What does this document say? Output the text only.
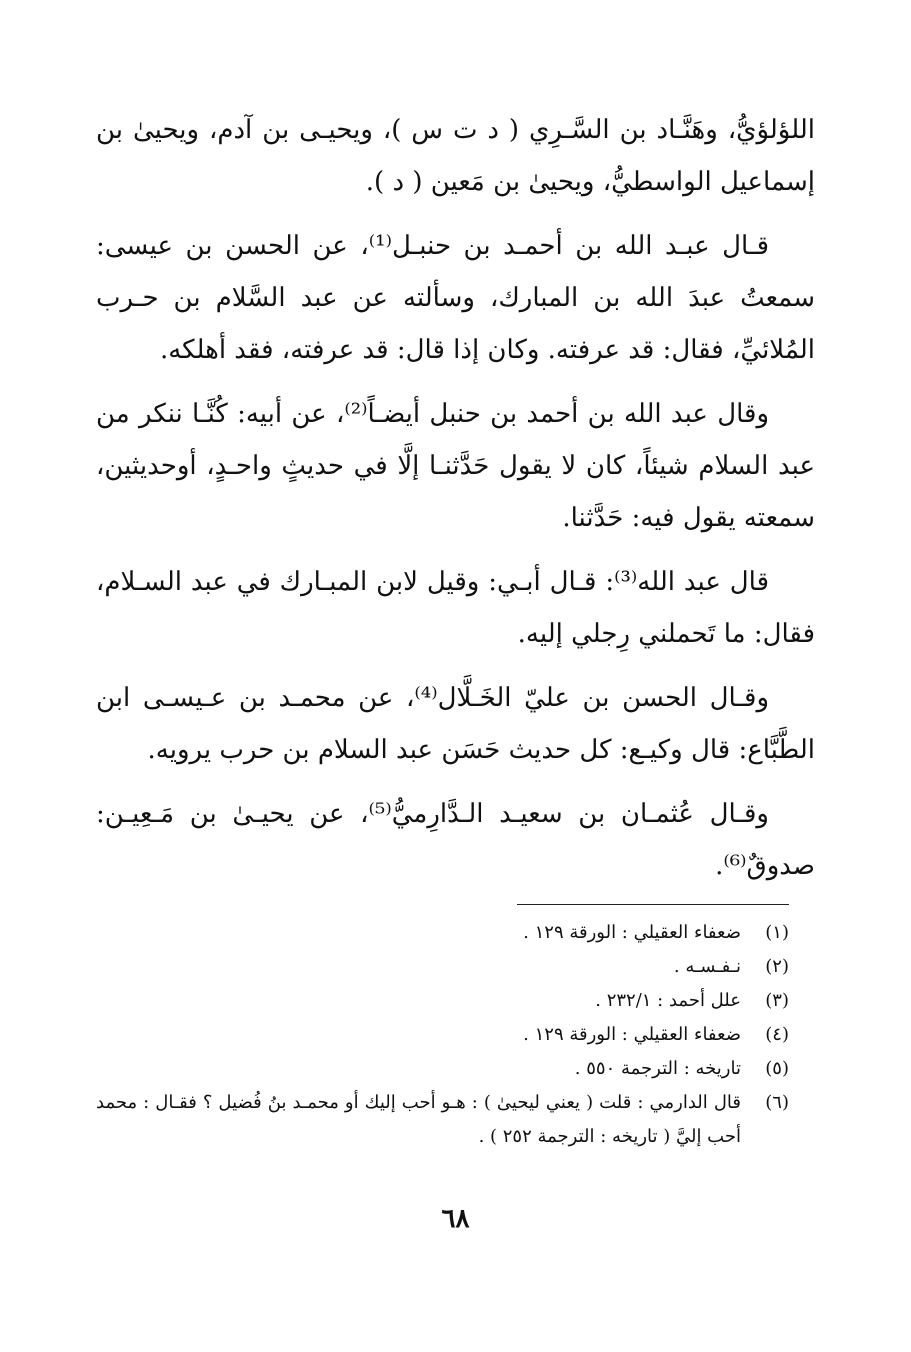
اللؤلؤيُّ، وهَنَّـاد بن السَّـرِي ( د ت س )، ويحيـى بن آدم، ويحيىٰ بن إسماعيل الواسطيُّ، ويحيىٰ بن مَعين ( د ).

قـال عبـد الله بن أحمـد بن حنبـل⁽¹⁾، عن الحسن بن عيسى: سمعتُ عبدَ الله بن المبارك، وسألته عن عبد السَّلام بن حـرب المُلائيِّ، فقال: قد عرفته. وكان إذا قال: قد عرفته، فقد أهلكه.

وقال عبد الله بن أحمد بن حنبل أيضـاً⁽²⁾، عن أبيه: كُنَّـا ننكر من عبد السلام شيئاً، كان لا يقول حَدَّثنـا إلَّا في حديثٍ واحـدٍ، أوحديثين، سمعته يقول فيه: حَدَّثنا.

قال عبد الله⁽³⁾: قـال أبـي: وقيل لابن المبـارك في عبد السـلام، فقال: ما تَحملني رِجلي إليه.

وقـال الحسن بن عليّ الخَـلَّال⁽⁴⁾، عن محمـد بن عـيسـى ابن الطَّبَّاع: قال وكيـع: كل حديث حَسَن عبد السلام بن حرب يرويه.

وقـال عُثمـان بن سعيـد الـدَّارِميُّ⁽⁵⁾، عن يحيـىٰ بن مَـعِيـن: صدوقٌ⁽⁶⁾.

(١)
ضعفاء العقيلي : الورقة ١٢٩ .
(٢)
نـفـسـه .
(٣)
علل أحمد : ٢٣٢/١ .
(٤)
ضعفاء العقيلي : الورقة ١٢٩ .
(٥)
تاريخه : الترجمة ٥٥٠ .
(٦)
قال الدارمي : قلت ( يعني ليحيىٰ ) : هـو أحب إليك أو محمـد بنُ فُضيل ؟ فقـال : محمد أحب إليَّ ( تاريخه : الترجمة ٢٥٢ ) .
٦٨
